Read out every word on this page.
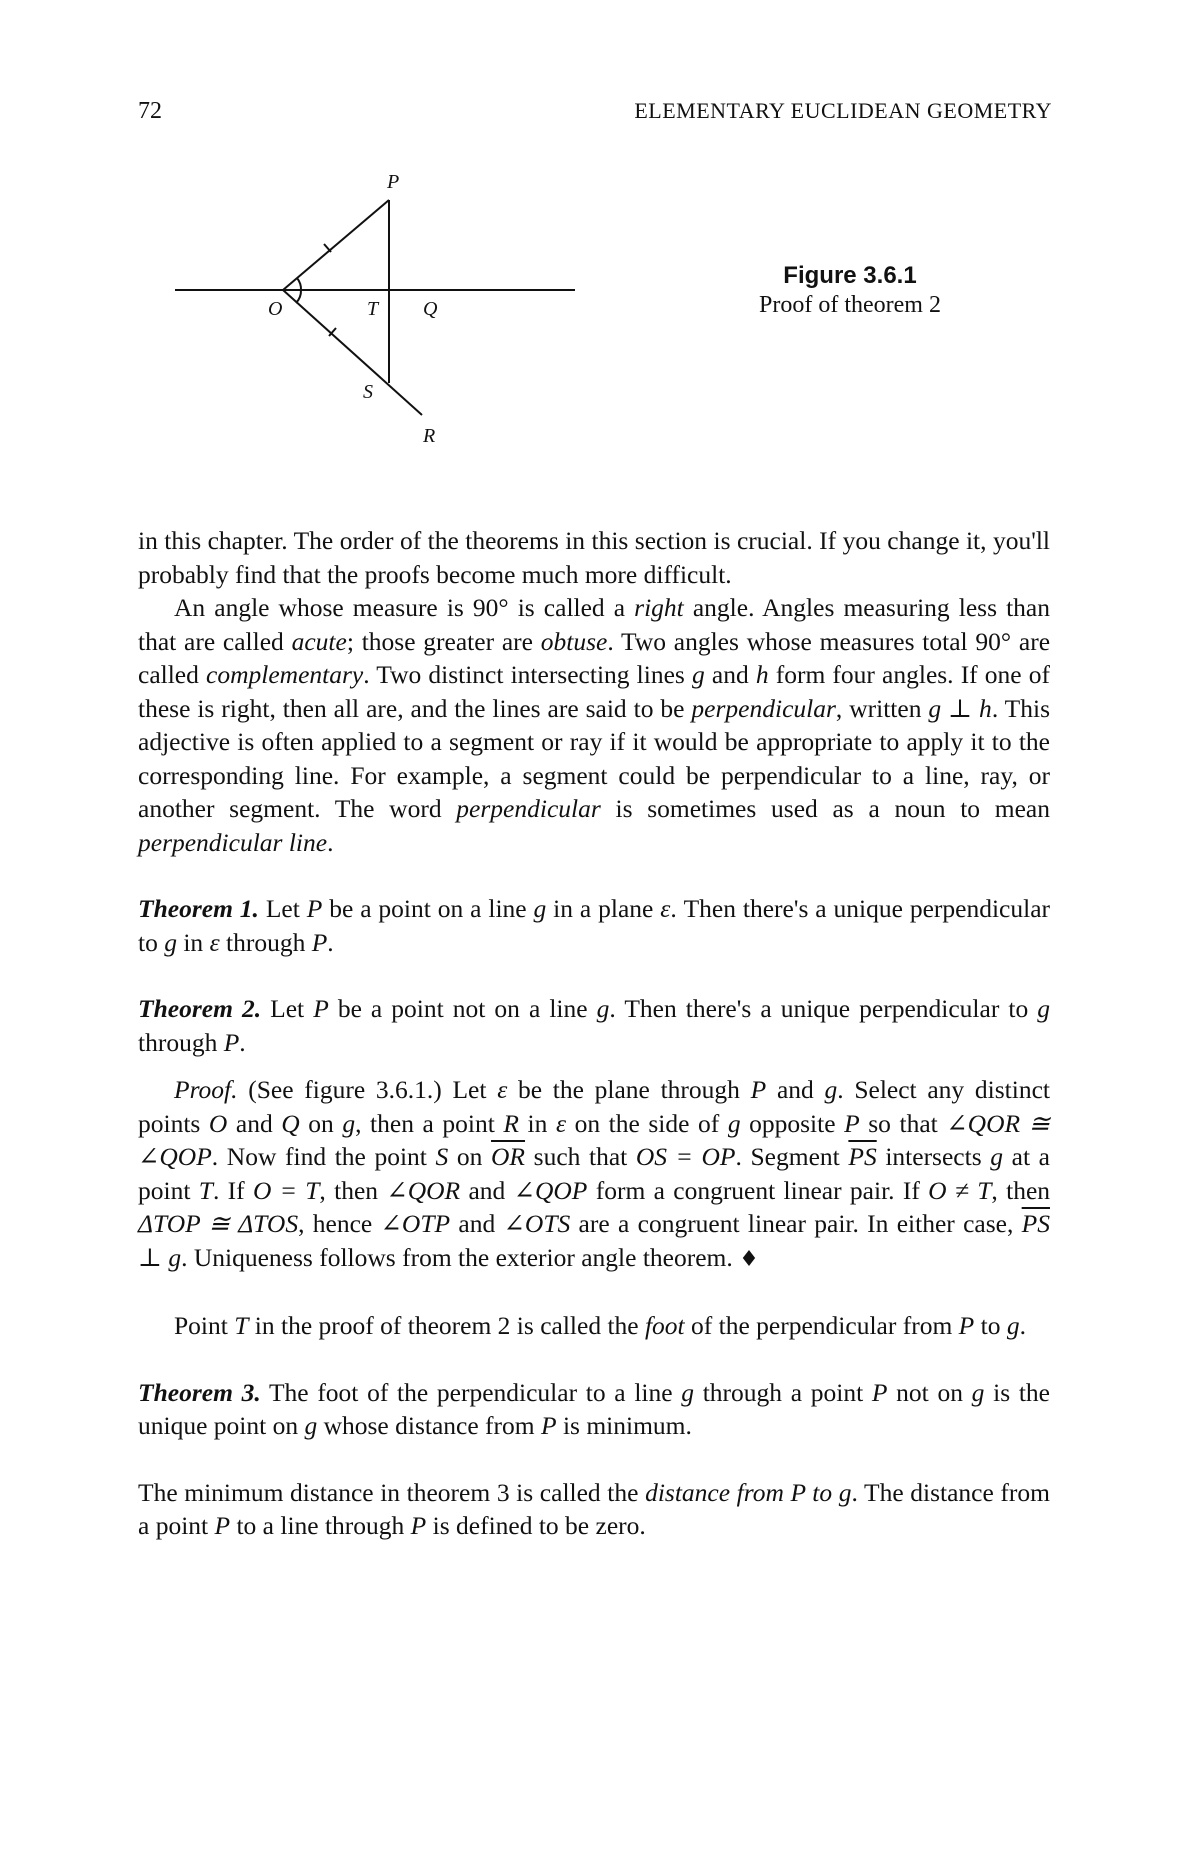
72	ELEMENTARY EUCLIDEAN GEOMETRY
P
O	T Q
S
R
Figure 3.6.1
Proof of theorem 2

in this chapter. The order of the theorems in this section is crucial. If you change it, you'll probably find that the proofs become much more difficult.

An angle whose measure is 90° is called a right angle. Angles measuring less than that are called acute; those greater are obtuse. Two angles whose measures total 90° are called complementary. Two distinct intersecting lines g and h form four angles. If one of these is right, then all are, and the lines are said to be perpendicular, written g ⊥ h. This adjective is often applied to a segment or ray if it would be appropriate to apply it to the corresponding line. For example, a segment could be perpendicular to a line, ray, or another segment. The word perpendicular is sometimes used as a noun to mean perpendicular line.

Theorem 1. Let P be a point on a line g in a plane ε. Then there's a unique perpendicular to g in ε through P.

Theorem 2. Let P be a point not on a line g. Then there's a unique perpendicular to g through P.

Proof. (See figure 3.6.1.) Let ε be the plane through P and g. Select any distinct points O and Q on g, then a point R in ε on the side of g opposite P so that ∠QOR ≅ ∠QOP. Now find the point S on $\overline{OR}$ such that OS = OP. Segment $\overline{PS}$ intersects g at a point T. If O = T, then ∠QOR and ∠QOP form a congruent linear pair. If O ≠ T, then ΔTOP ≅ ΔTOS, hence ∠OTP and ∠OTS are a congruent linear pair. In either case, $\overline{PS}$ ⊥ g. Uniqueness follows from the exterior angle theorem. ♦

Point T in the proof of theorem 2 is called the foot of the perpendicular from P to g.

Theorem 3. The foot of the perpendicular to a line g through a point P not on g is the unique point on g whose distance from P is minimum.

The minimum distance in theorem 3 is called the distance from P to g. The distance from a point P to a line through P is defined to be zero.
